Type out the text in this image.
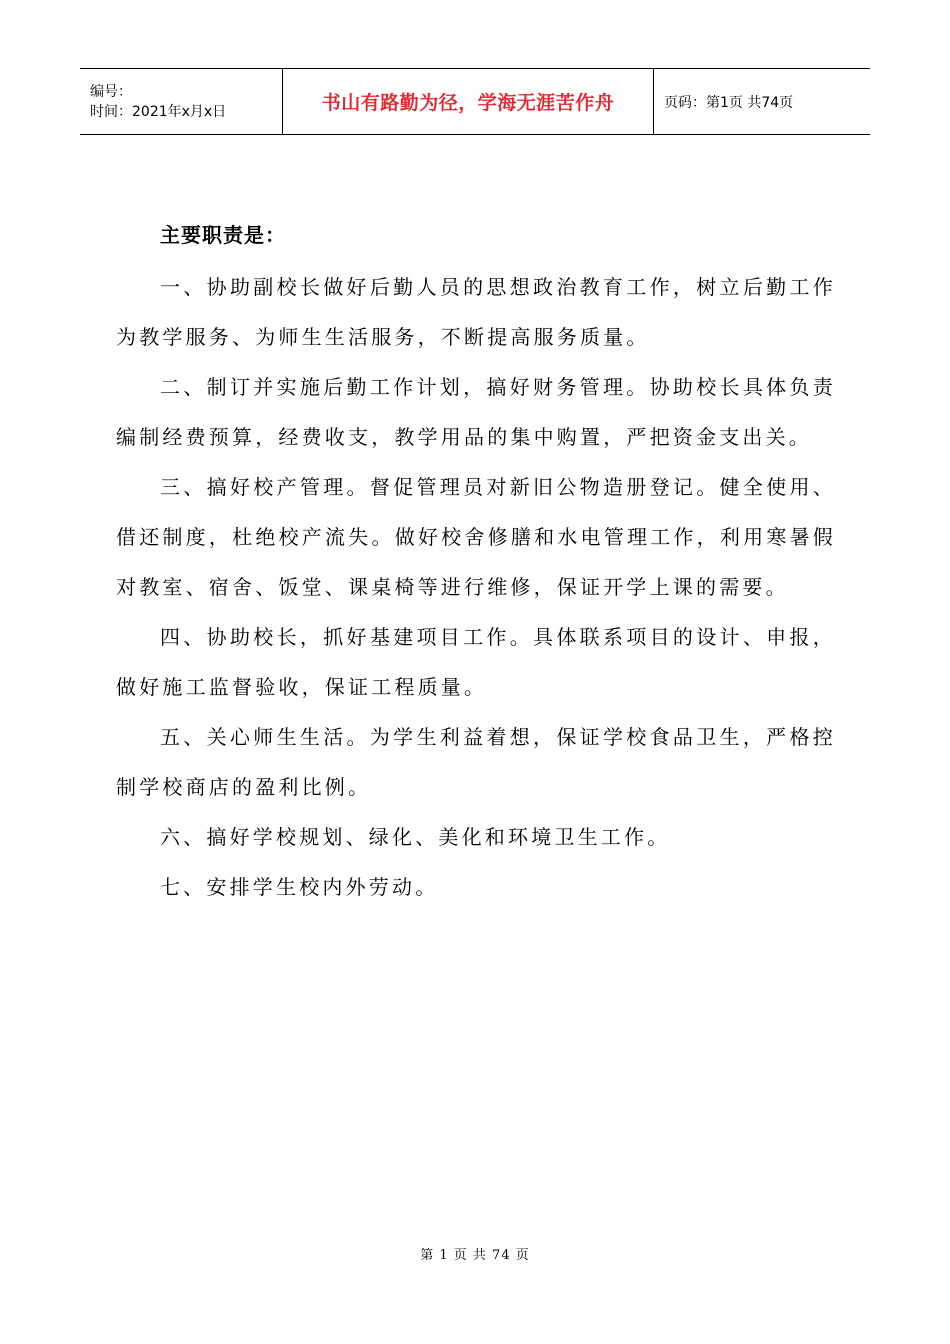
编号：
时间：2021年x月x日	书山有路勤为径，学海无涯苦作舟	页码：第1页 共74页
主要职责是：

一、协助副校长做好后勤人员的思想政治教育工作，树立后勤工作为教学服务、为师生生活服务，不断提高服务质量。

二、制订并实施后勤工作计划，搞好财务管理。协助校长具体负责编制经费预算，经费收支，教学用品的集中购置，严把资金支出关。

三、搞好校产管理。督促管理员对新旧公物造册登记。健全使用、借还制度，杜绝校产流失。做好校舍修膳和水电管理工作，利用寒暑假对教室、宿舍、饭堂、课桌椅等进行维修，保证开学上课的需要。

四、协助校长，抓好基建项目工作。具体联系项目的设计、申报，做好施工监督验收，保证工程质量。

五、关心师生生活。为学生利益着想，保证学校食品卫生，严格控制学校商店的盈利比例。

六、搞好学校规划、绿化、美化和环境卫生工作。

七、安排学生校内外劳动。

第 1 页 共 74 页
